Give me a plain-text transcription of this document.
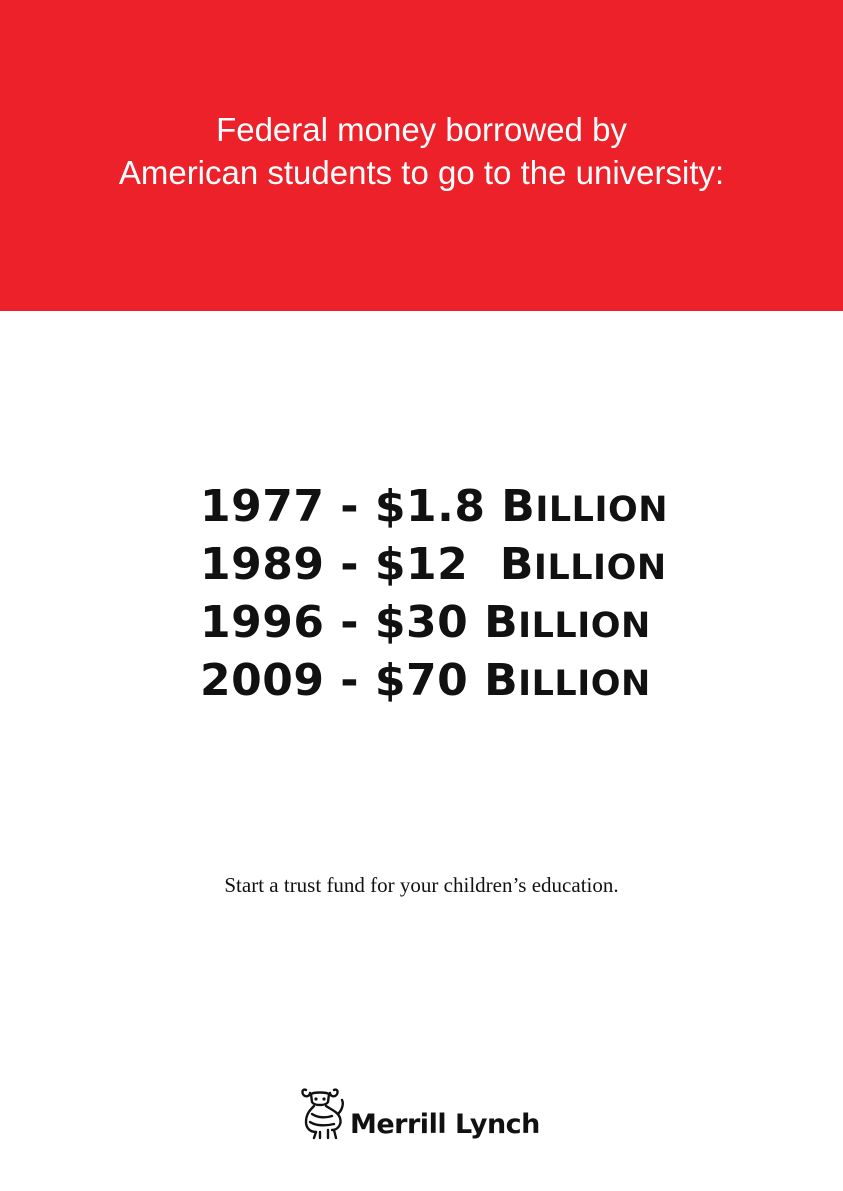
Federal money borrowed by
American students to go to the university:
1977 - $1.8 BILLION
1989 - $12  BILLION
1996 - $30 BILLION
2009 - $70 BILLION

Start a trust fund for your children’s education.

Merrill Lynch
